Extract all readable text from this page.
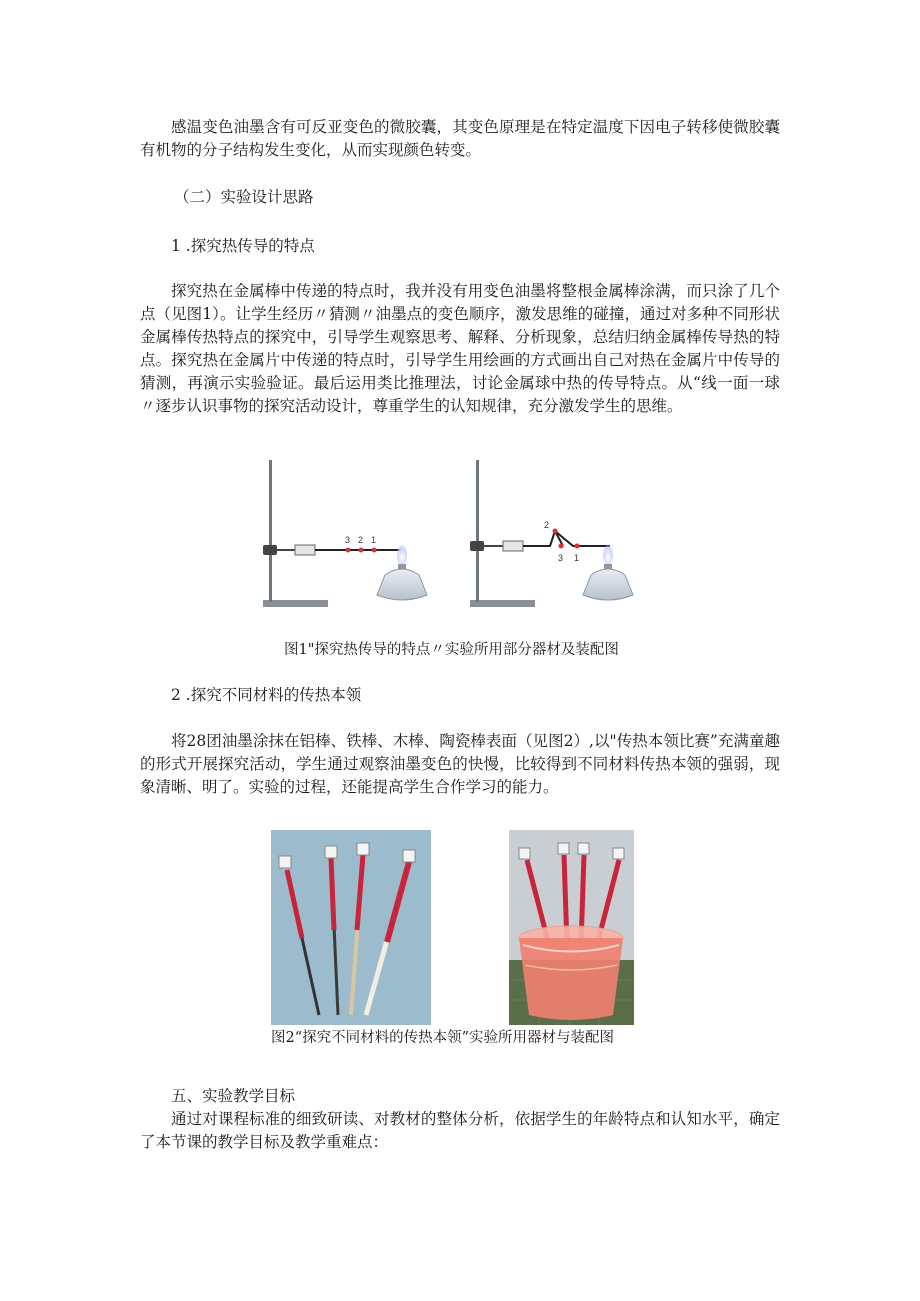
感温变色油墨含有可反亚变色的微胶囊，其变色原理是在特定温度下因电子转移使微胶囊有机物的分子结构发生变化，从而实现颜色转变。

（二）实验设计思路

1 .探究热传导的特点

探究热在金属棒中传递的特点时，我并没有用变色油墨将整根金属棒涂满，而只涂了几个点（见图1）。让学生经历〃猜测〃油墨点的变色顺序，激发思维的碰撞，通过对多种不同形状金属棒传热特点的探究中，引导学生观察思考、解释、分析现象，总结归纳金属棒传导热的特点。探究热在金属片中传递的特点时，引导学生用绘画的方式画出自己对热在金属片中传导的猜测，再演示实验验证。最后运用类比推理法，讨论金属球中热的传导特点。从“线一面一球〃逐步认识事物的探究活动设计，尊重学生的认知规律，充分激发学生的思维。

3 2 1
2
3 1

图1"探究热传导的特点〃实验所用部分器材及装配图

2 .探究不同材料的传热本领

将28团油墨涂抹在铝棒、铁棒、木棒、陶瓷棒表面（见图2）,以"传热本领比赛”充满童趣的形式开展探究活动，学生通过观察油墨变色的快慢，比较得到不同材料传热本领的强弱，现象清晰、明了。实验的过程，还能提高学生合作学习的能力。

图2“探究不同材料的传热本领”实验所用器材与装配图

五、实验教学目标

通过对课程标准的细致研读、对教材的整体分析，依据学生的年龄特点和认知水平，确定了本节课的教学目标及教学重难点：
